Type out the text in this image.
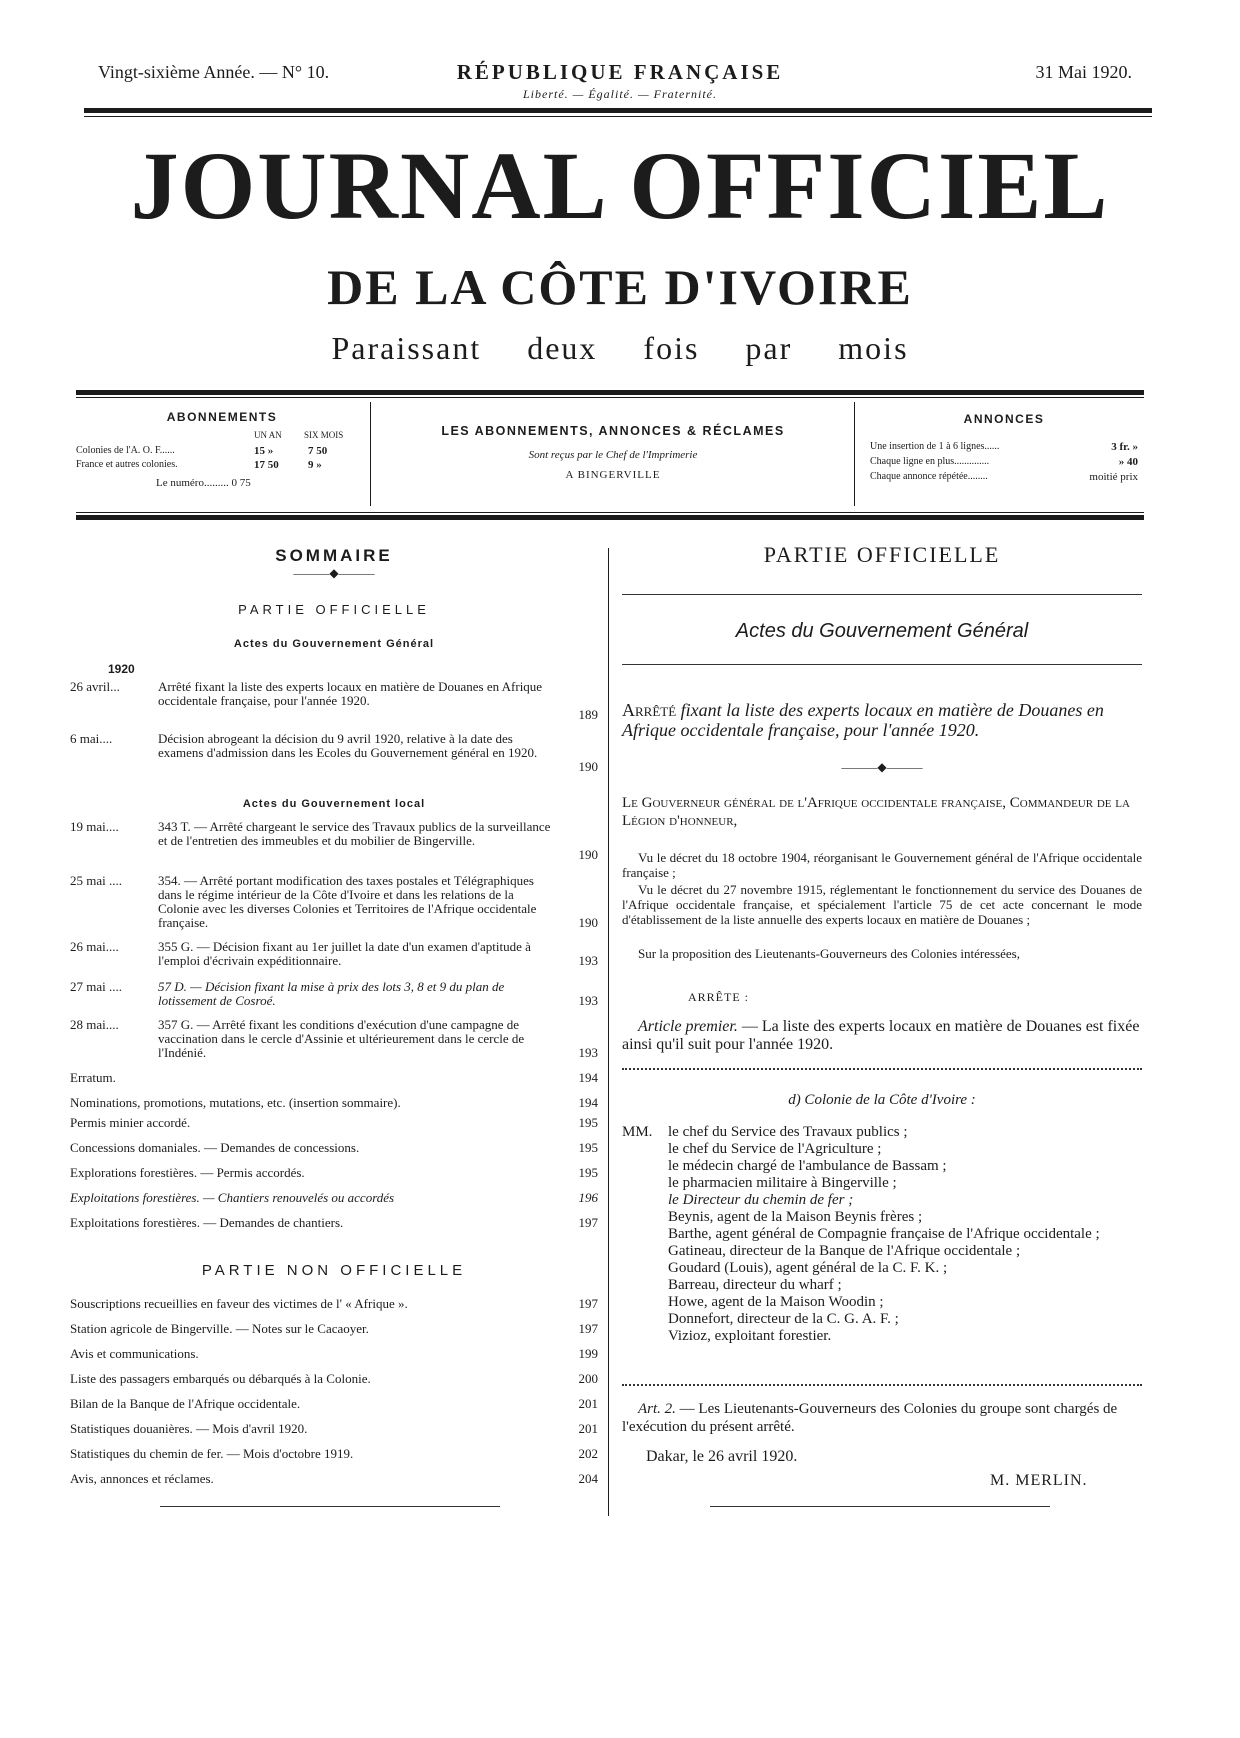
Vingt-sixième Année. — N° 10.	RÉPUBLIQUE FRANÇAISE
Liberté. — Égalité. — Fraternité.
31 Mai 1920.
JOURNAL OFFICIEL
DE LA CÔTE D'IVOIRE
Paraissant deux fois par mois
ABONNEMENTS
UN AN SIX MOIS
Colonies de l'A. O. F......	15 »	7 50
France et autres colonies.	17 50	9 »
Le numéro......... 0 75
LES ABONNEMENTS, ANNONCES & RÉCLAMES
Sont reçus par le Chef de l'Imprimerie
A BINGERVILLE
ANNONCES
Une insertion de 1 à 6 lignes......	3 fr. »
Chaque ligne en plus..............	» 40
Chaque annonce répétée........	moitié prix
SOMMAIRE
———◆———
PARTIE OFFICIELLE
Actes du Gouvernement Général
1920
26 avril...	Arrêté fixant la liste des experts locaux en matière de Douanes en Afrique occidentale française, pour l'année 1920.
189
6 mai....	Décision abrogeant la décision du 9 avril 1920, relative à la date des examens d'admission dans les Ecoles du Gouvernement général en 1920.
190
Actes du Gouvernement local
19 mai....	343 T. — Arrêté chargeant le service des Travaux publics de la surveillance et de l'entretien des immeubles et du mobilier de Bingerville.
190
25 mai ....	354. — Arrêté portant modification des taxes postales et Télégraphiques dans le régime intérieur de la Côte d'Ivoire et dans les relations de la Colonie avec les diverses Colonies et Territoires de l'Afrique occidentale française.	190
26 mai....	355 G. — Décision fixant au 1er juillet la date d'un examen d'aptitude à l'emploi d'écrivain expéditionnaire.	193
27 mai ....	57 D. — Décision fixant la mise à prix des lots 3, 8 et 9 du plan de lotissement de Cosroé.	193
28 mai....	357 G. — Arrêté fixant les conditions d'exécution d'une campagne de vaccination dans le cercle d'Assinie et ultérieurement dans le cercle de l'Indénié.	193
Erratum.	194
Nominations, promotions, mutations, etc. (insertion sommaire).	194
Permis minier accordé.	195
Concessions domaniales. — Demandes de concessions.	195
Explorations forestières. — Permis accordés.	195
Exploitations forestières. — Chantiers renouvelés ou accordés	196
Exploitations forestières. — Demandes de chantiers.	197
PARTIE NON OFFICIELLE
Souscriptions recueillies en faveur des victimes de l' « Afrique ».	197
Station agricole de Bingerville. — Notes sur le Cacaoyer.	197
Avis et communications.	199
Liste des passagers embarqués ou débarqués à la Colonie.	200
Bilan de la Banque de l'Afrique occidentale.	201
Statistiques douanières. — Mois d'avril 1920.	201
Statistiques du chemin de fer. — Mois d'octobre 1919.	202
Avis, annonces et réclames.	204
PARTIE OFFICIELLE
Actes du Gouvernement Général
Arrêté fixant la liste des experts locaux en matière de Douanes en Afrique occidentale française, pour l'année 1920.
———◆———
Le Gouverneur général de l'Afrique occidentale française, Commandeur de la Légion d'honneur,
Vu le décret du 18 octobre 1904, réorganisant le Gouvernement général de l'Afrique occidentale française ;
Vu le décret du 27 novembre 1915, réglementant le fonctionnement du service des Douanes de l'Afrique occidentale française, et spécialement l'article 75 de cet acte concernant le mode d'établissement de la liste annuelle des experts locaux en matière de Douanes ;
Sur la proposition des Lieutenants-Gouverneurs des Colonies intéressées,
ARRÊTE :
Article premier. — La liste des experts locaux en matière de Douanes est fixée ainsi qu'il suit pour l'année 1920.
d) Colonie de la Côte d'Ivoire :
MM. le chef du Service des Travaux publics ;
le chef du Service de l'Agriculture ;
le médecin chargé de l'ambulance de Bassam ;
le pharmacien militaire à Bingerville ;
le Directeur du chemin de fer ;
Beynis, agent de la Maison Beynis frères ;
Barthe, agent général de Compagnie française de l'Afrique occidentale ;
Gatineau, directeur de la Banque de l'Afrique occidentale ;
Goudard (Louis), agent général de la C. F. K. ;
Barreau, directeur du wharf ;
Howe, agent de la Maison Woodin ;
Donnefort, directeur de la C. G. A. F. ;
Vizioz, exploitant forestier.
Art. 2. — Les Lieutenants-Gouverneurs des Colonies du groupe sont chargés de l'exécution du présent arrêté.
Dakar, le 26 avril 1920.
M. MERLIN.
